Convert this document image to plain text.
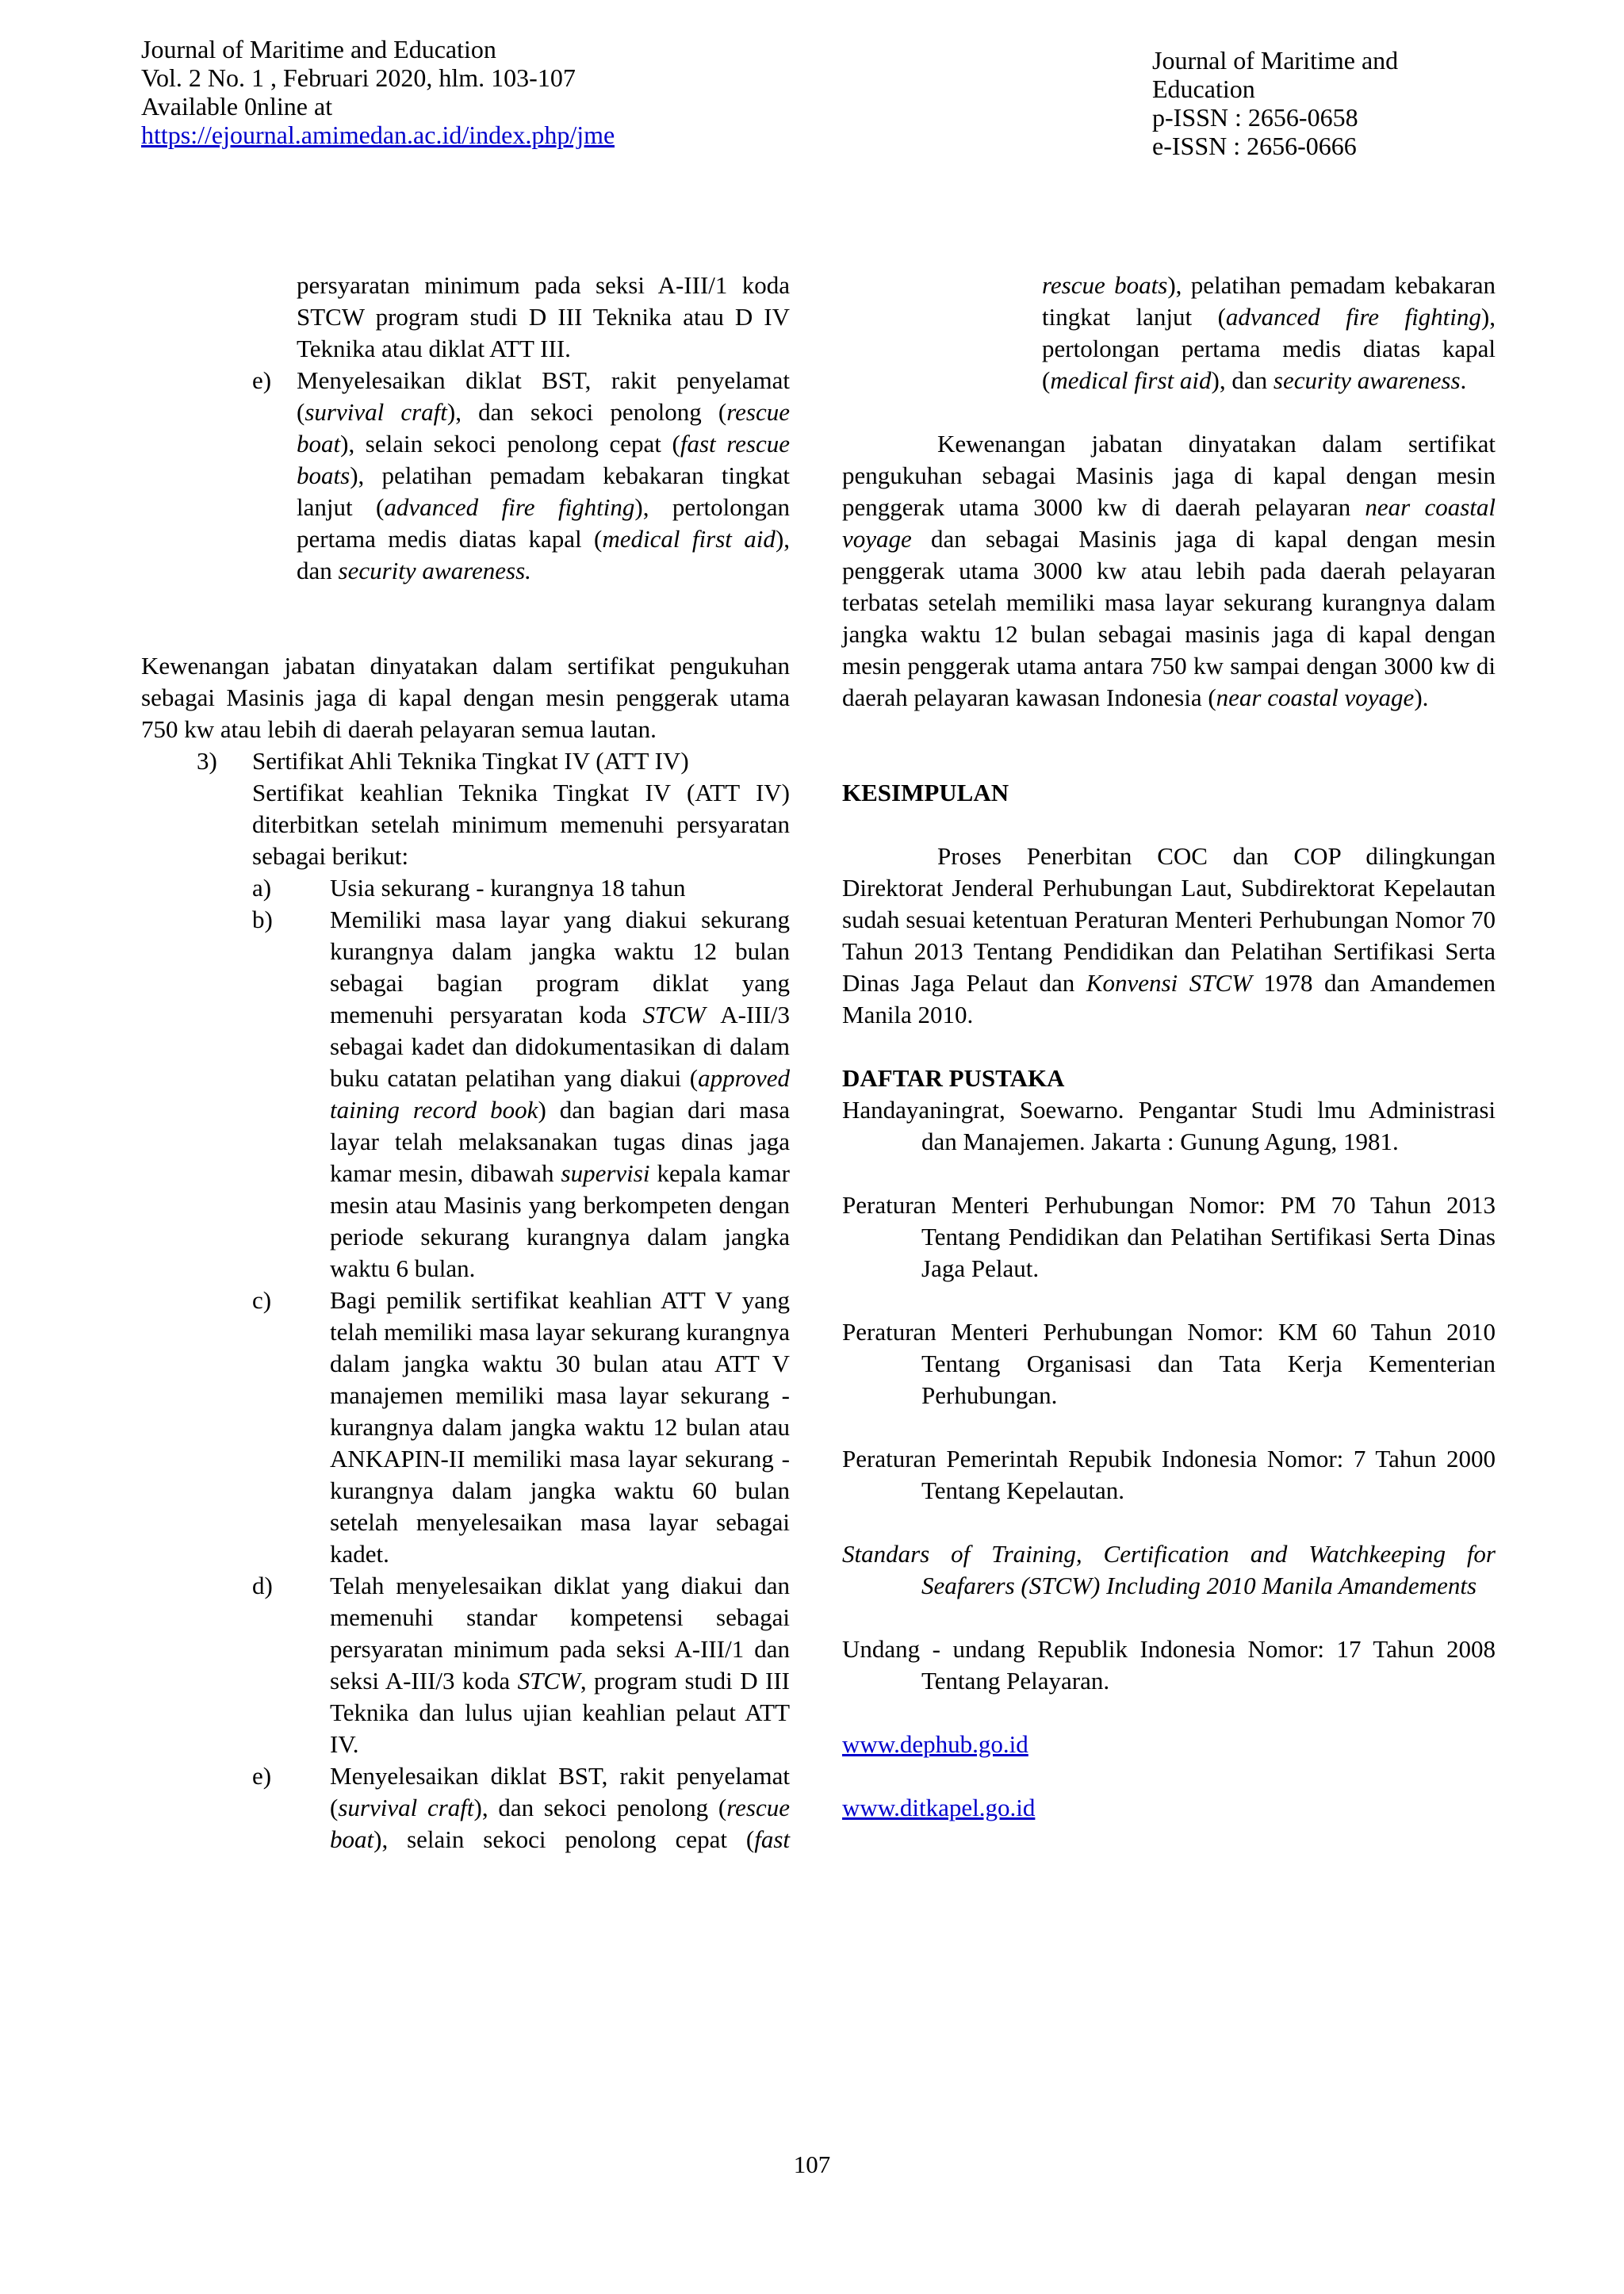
Journal of Maritime and Education
Vol. 2 No. 1 , Februari 2020, hlm. 103-107
Available 0nline at
https://ejournal.amimedan.ac.id/index.php/jme
Journal of Maritime and
Education
p-ISSN : 2656-0658
e-ISSN : 2656-0666
persyaratan minimum pada seksi A-III/1 koda STCW program studi D III Teknika atau D IV Teknika atau diklat ATT III.
e)	Menyelesaikan diklat BST, rakit penyelamat (survival craft), dan sekoci penolong (rescue boat), selain sekoci penolong cepat (fast rescue boats), pelatihan pemadam kebakaran tingkat lanjut (advanced fire fighting), pertolongan pertama medis diatas kapal (medical first aid), dan security awareness.
Kewenangan jabatan dinyatakan dalam sertifikat pengukuhan sebagai Masinis jaga di kapal dengan mesin penggerak utama 750 kw atau lebih di daerah pelayaran semua lautan.
3)	Sertifikat Ahli Teknika Tingkat IV (ATT IV)
Sertifikat keahlian Teknika Tingkat IV (ATT IV) diterbitkan setelah minimum memenuhi persyaratan sebagai berikut:
a)	Usia sekurang - kurangnya 18 tahun
b)	Memiliki masa layar yang diakui sekurang kurangnya dalam jangka waktu 12 bulan sebagai bagian program diklat yang memenuhi persyaratan koda STCW A-III/3 sebagai kadet dan didokumentasikan di dalam buku catatan pelatihan yang diakui (approved taining record book) dan bagian dari masa layar telah melaksanakan tugas dinas jaga kamar mesin, dibawah supervisi kepala kamar mesin atau Masinis yang berkompeten dengan periode sekurang kurangnya dalam jangka waktu 6 bulan.
c)	Bagi pemilik sertifikat keahlian ATT V yang telah memiliki masa layar sekurang kurangnya dalam jangka waktu 30 bulan atau ATT V manajemen memiliki masa layar sekurang - kurangnya dalam jangka waktu 12 bulan atau ANKAPIN-II memiliki masa layar sekurang - kurangnya dalam jangka waktu 60 bulan setelah menyelesaikan masa layar sebagai kadet.
d)	Telah menyelesaikan diklat yang diakui dan memenuhi standar kompetensi sebagai persyaratan minimum pada seksi A-III/1 dan seksi A-III/3 koda STCW, program studi D III Teknika dan lulus ujian keahlian pelaut ATT IV.
e)	Menyelesaikan diklat BST, rakit penyelamat (survival craft), dan sekoci penolong (rescue boat), selain sekoci penolong cepat (fast
rescue boats), pelatihan pemadam kebakaran tingkat lanjut (advanced fire fighting), pertolongan pertama medis diatas kapal (medical first aid), dan security awareness.
Kewenangan jabatan dinyatakan dalam sertifikat pengukuhan sebagai Masinis jaga di kapal dengan mesin penggerak utama 3000 kw di daerah pelayaran near coastal voyage dan sebagai Masinis jaga di kapal dengan mesin penggerak utama 3000 kw atau lebih pada daerah pelayaran terbatas setelah memiliki masa layar sekurang kurangnya dalam jangka waktu 12 bulan sebagai masinis jaga di kapal dengan mesin penggerak utama antara 750 kw sampai dengan 3000 kw di daerah pelayaran kawasan Indonesia (near coastal voyage).
KESIMPULAN
Proses Penerbitan COC dan COP dilingkungan Direktorat Jenderal Perhubungan Laut, Subdirektorat Kepelautan sudah sesuai ketentuan Peraturan Menteri Perhubungan Nomor 70 Tahun 2013 Tentang Pendidikan dan Pelatihan Sertifikasi Serta Dinas Jaga Pelaut dan Konvensi STCW 1978 dan Amandemen Manila 2010.
DAFTAR PUSTAKA
Handayaningrat, Soewarno. Pengantar Studi lmu Administrasi dan Manajemen. Jakarta : Gunung Agung, 1981.
Peraturan Menteri Perhubungan Nomor: PM 70 Tahun 2013 Tentang Pendidikan dan Pelatihan Sertifikasi Serta Dinas Jaga Pelaut.
Peraturan Menteri Perhubungan Nomor: KM 60 Tahun 2010 Tentang Organisasi dan Tata Kerja Kementerian Perhubungan.
Peraturan Pemerintah Repubik Indonesia Nomor: 7 Tahun 2000 Tentang Kepelautan.
Standars of Training, Certification and Watchkeeping for Seafarers (STCW) Including 2010 Manila Amandements
Undang - undang Republik Indonesia Nomor: 17 Tahun 2008 Tentang Pelayaran.
www.dephub.go.id
www.ditkapel.go.id
107
